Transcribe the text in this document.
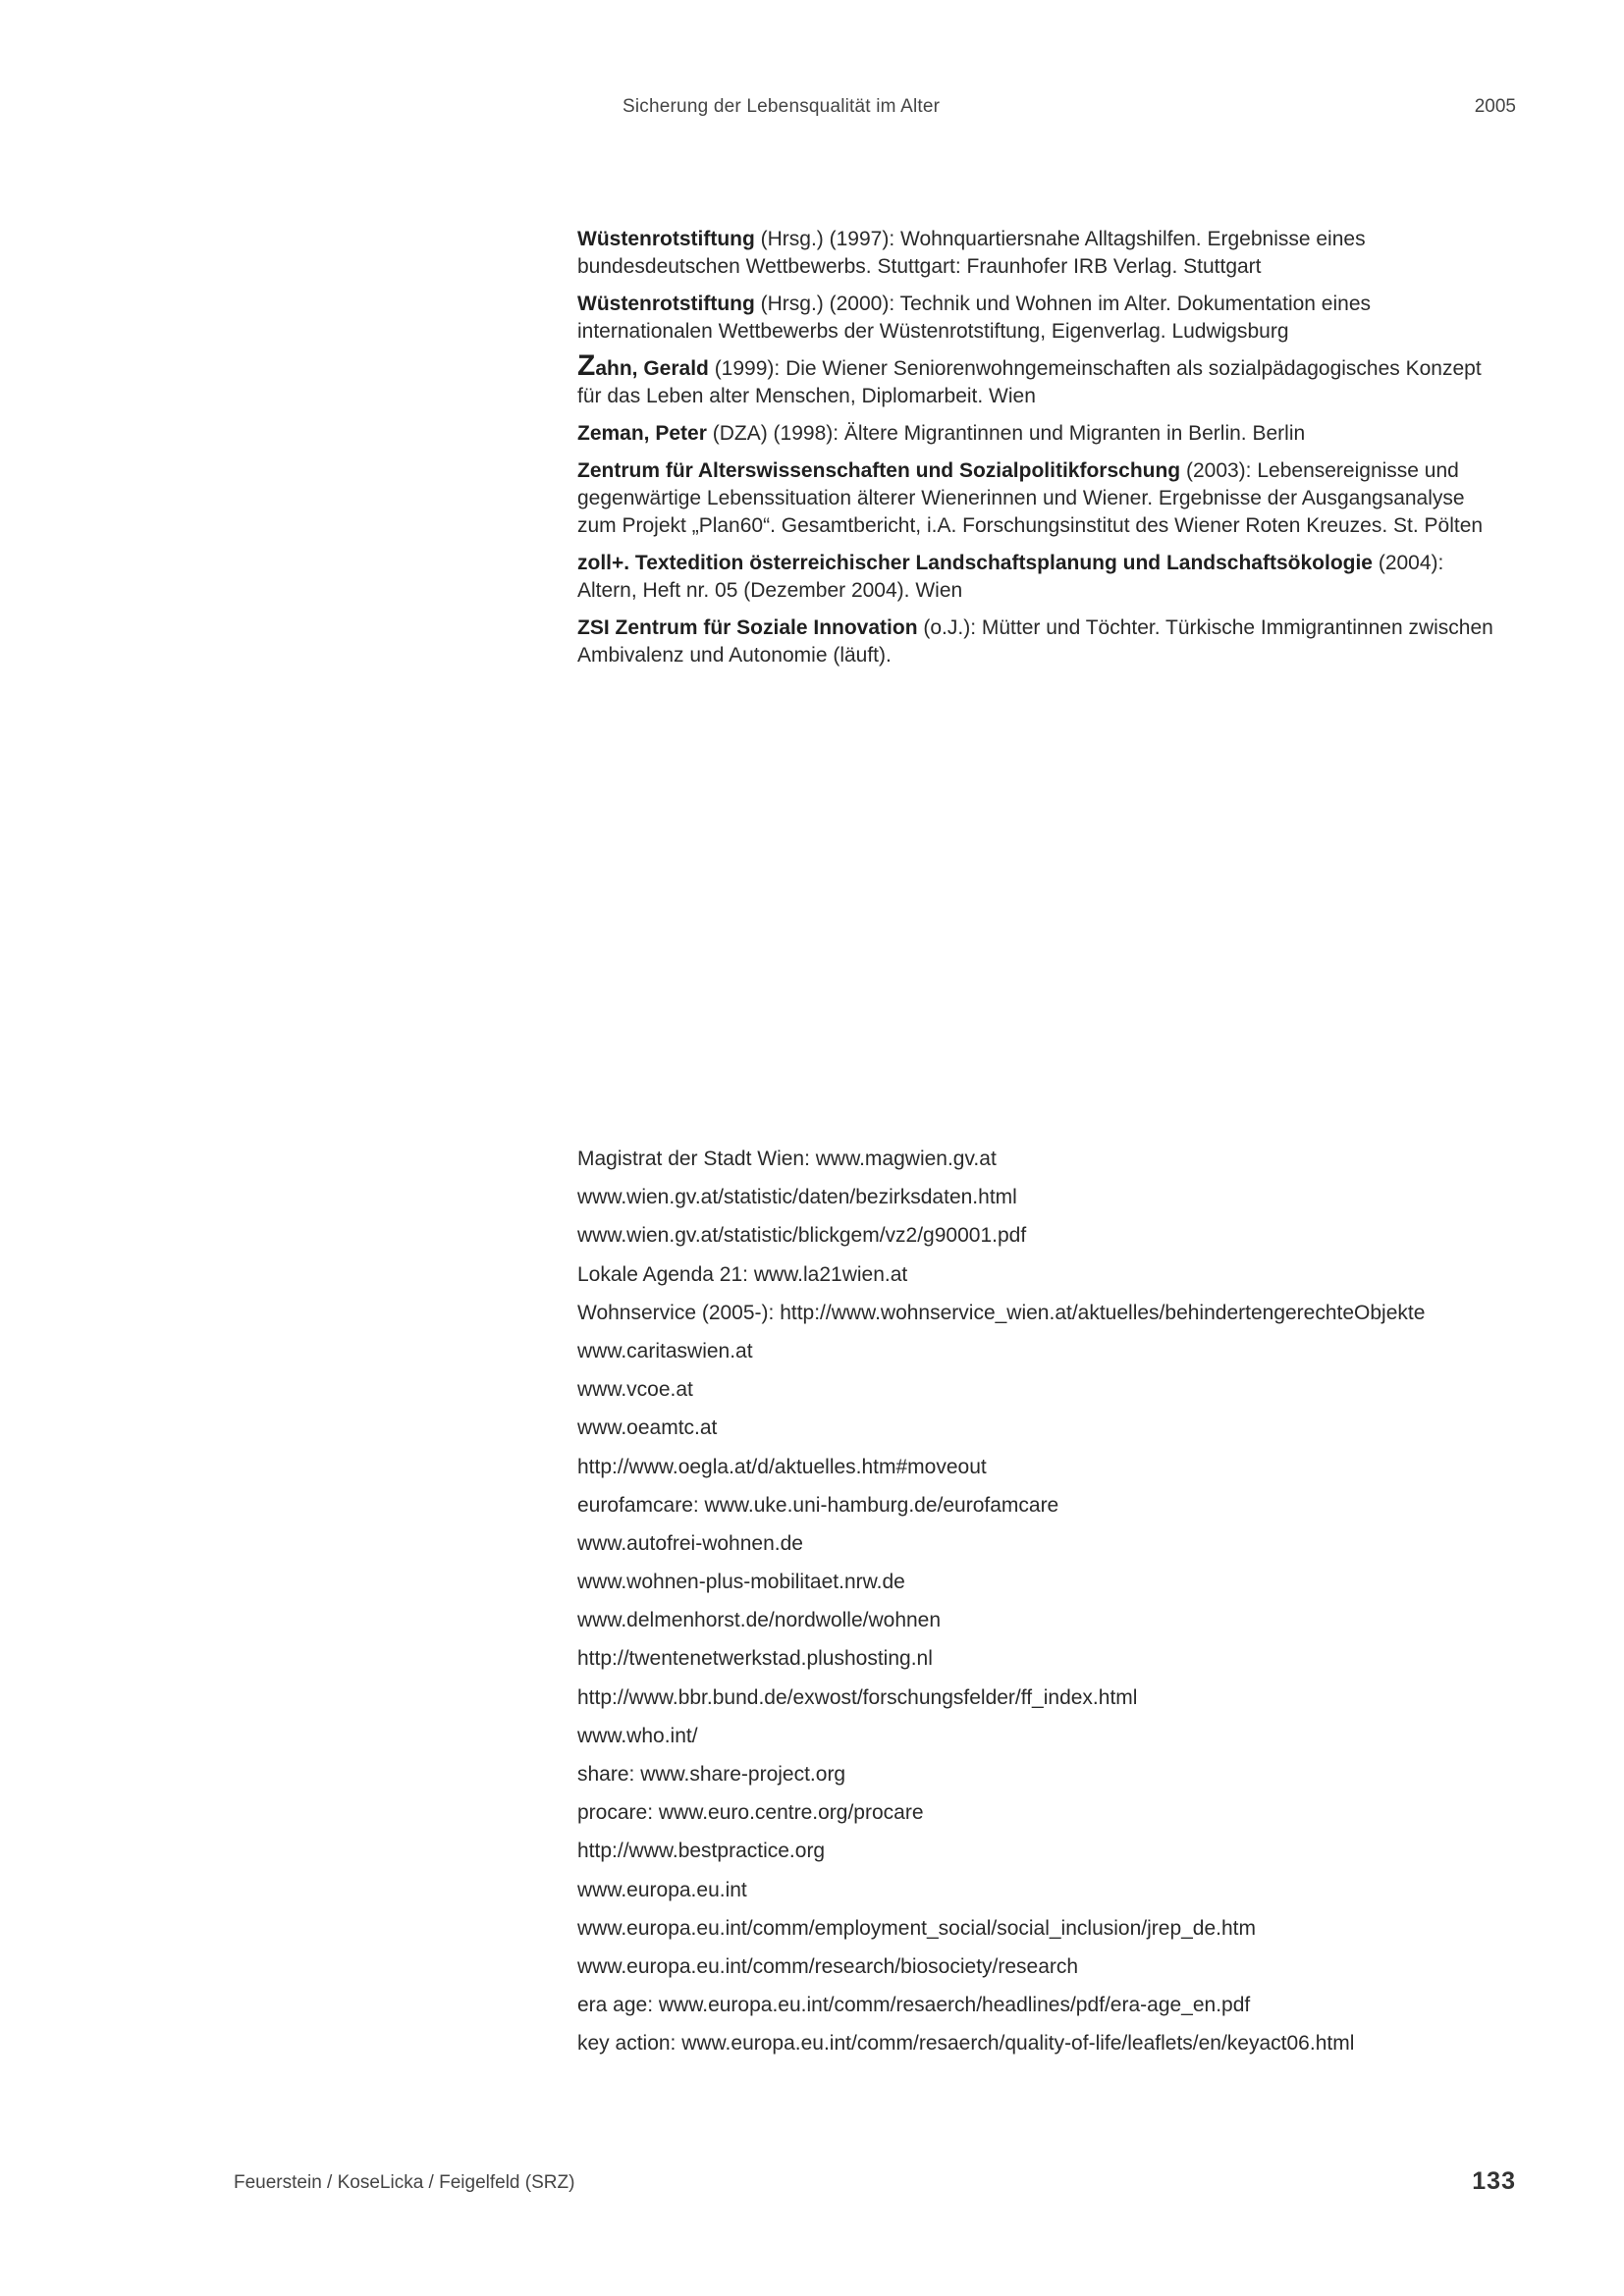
Sicherung der Lebensqualität im Alter	2005

Wüstenrotstiftung (Hrsg.) (1997): Wohnquartiersnahe Alltagshilfen. Ergebnisse eines bundesdeutschen Wettbewerbs. Stuttgart: Fraunhofer IRB Verlag. Stuttgart

Wüstenrotstiftung (Hrsg.) (2000): Technik und Wohnen im Alter. Dokumentation eines internationalen Wettbewerbs der Wüstenrotstiftung, Eigenverlag. Ludwigsburg

Zahn, Gerald (1999): Die Wiener Seniorenwohngemeinschaften als sozialpädagogisches Konzept für das Leben alter Menschen, Diplomarbeit. Wien

Zeman, Peter (DZA) (1998): Ältere Migrantinnen und Migranten in Berlin. Berlin

Zentrum für Alterswissenschaften und Sozialpolitikforschung (2003): Lebensereignisse und gegenwärtige Lebenssituation älterer Wienerinnen und Wiener. Ergebnisse der Ausgangsanalyse zum Projekt „Plan60“. Gesamtbericht, i.A. Forschungsinstitut des Wiener Roten Kreuzes. St. Pölten

zoll+. Textedition österreichischer Landschaftsplanung und Landschaftsökologie (2004): Altern, Heft nr. 05 (Dezember 2004). Wien

ZSI Zentrum für Soziale Innovation (o.J.): Mütter und Töchter. Türkische Immigrantinnen zwischen Ambivalenz und Autonomie (läuft).

Magistrat der Stadt Wien: www.magwien.gv.at
www.wien.gv.at/statistic/daten/bezirksdaten.html
www.wien.gv.at/statistic/blickgem/vz2/g90001.pdf
Lokale Agenda 21: www.la21wien.at
Wohnservice (2005-): http://www.wohnservice_wien.at/aktuelles/behindertengerechteObjekte
www.caritaswien.at
www.vcoe.at
www.oeamtc.at
http://www.oegla.at/d/aktuelles.htm#moveout
eurofamcare: www.uke.uni-hamburg.de/eurofamcare
www.autofrei-wohnen.de
www.wohnen-plus-mobilitaet.nrw.de
www.delmenhorst.de/nordwolle/wohnen
http://twentenetwerkstad.plushosting.nl
http://www.bbr.bund.de/exwost/forschungsfelder/ff_index.html
www.who.int/
share: www.share-project.org
procare: www.euro.centre.org/procare
http://www.bestpractice.org
www.europa.eu.int
www.europa.eu.int/comm/employment_social/social_inclusion/jrep_de.htm
www.europa.eu.int/comm/research/biosociety/research
era age: www.europa.eu.int/comm/resaerch/headlines/pdf/era-age_en.pdf
key action: www.europa.eu.int/comm/resaerch/quality-of-life/leaflets/en/keyact06.html
Feuerstein / KoseLicka / Feigelfeld (SRZ)	133
